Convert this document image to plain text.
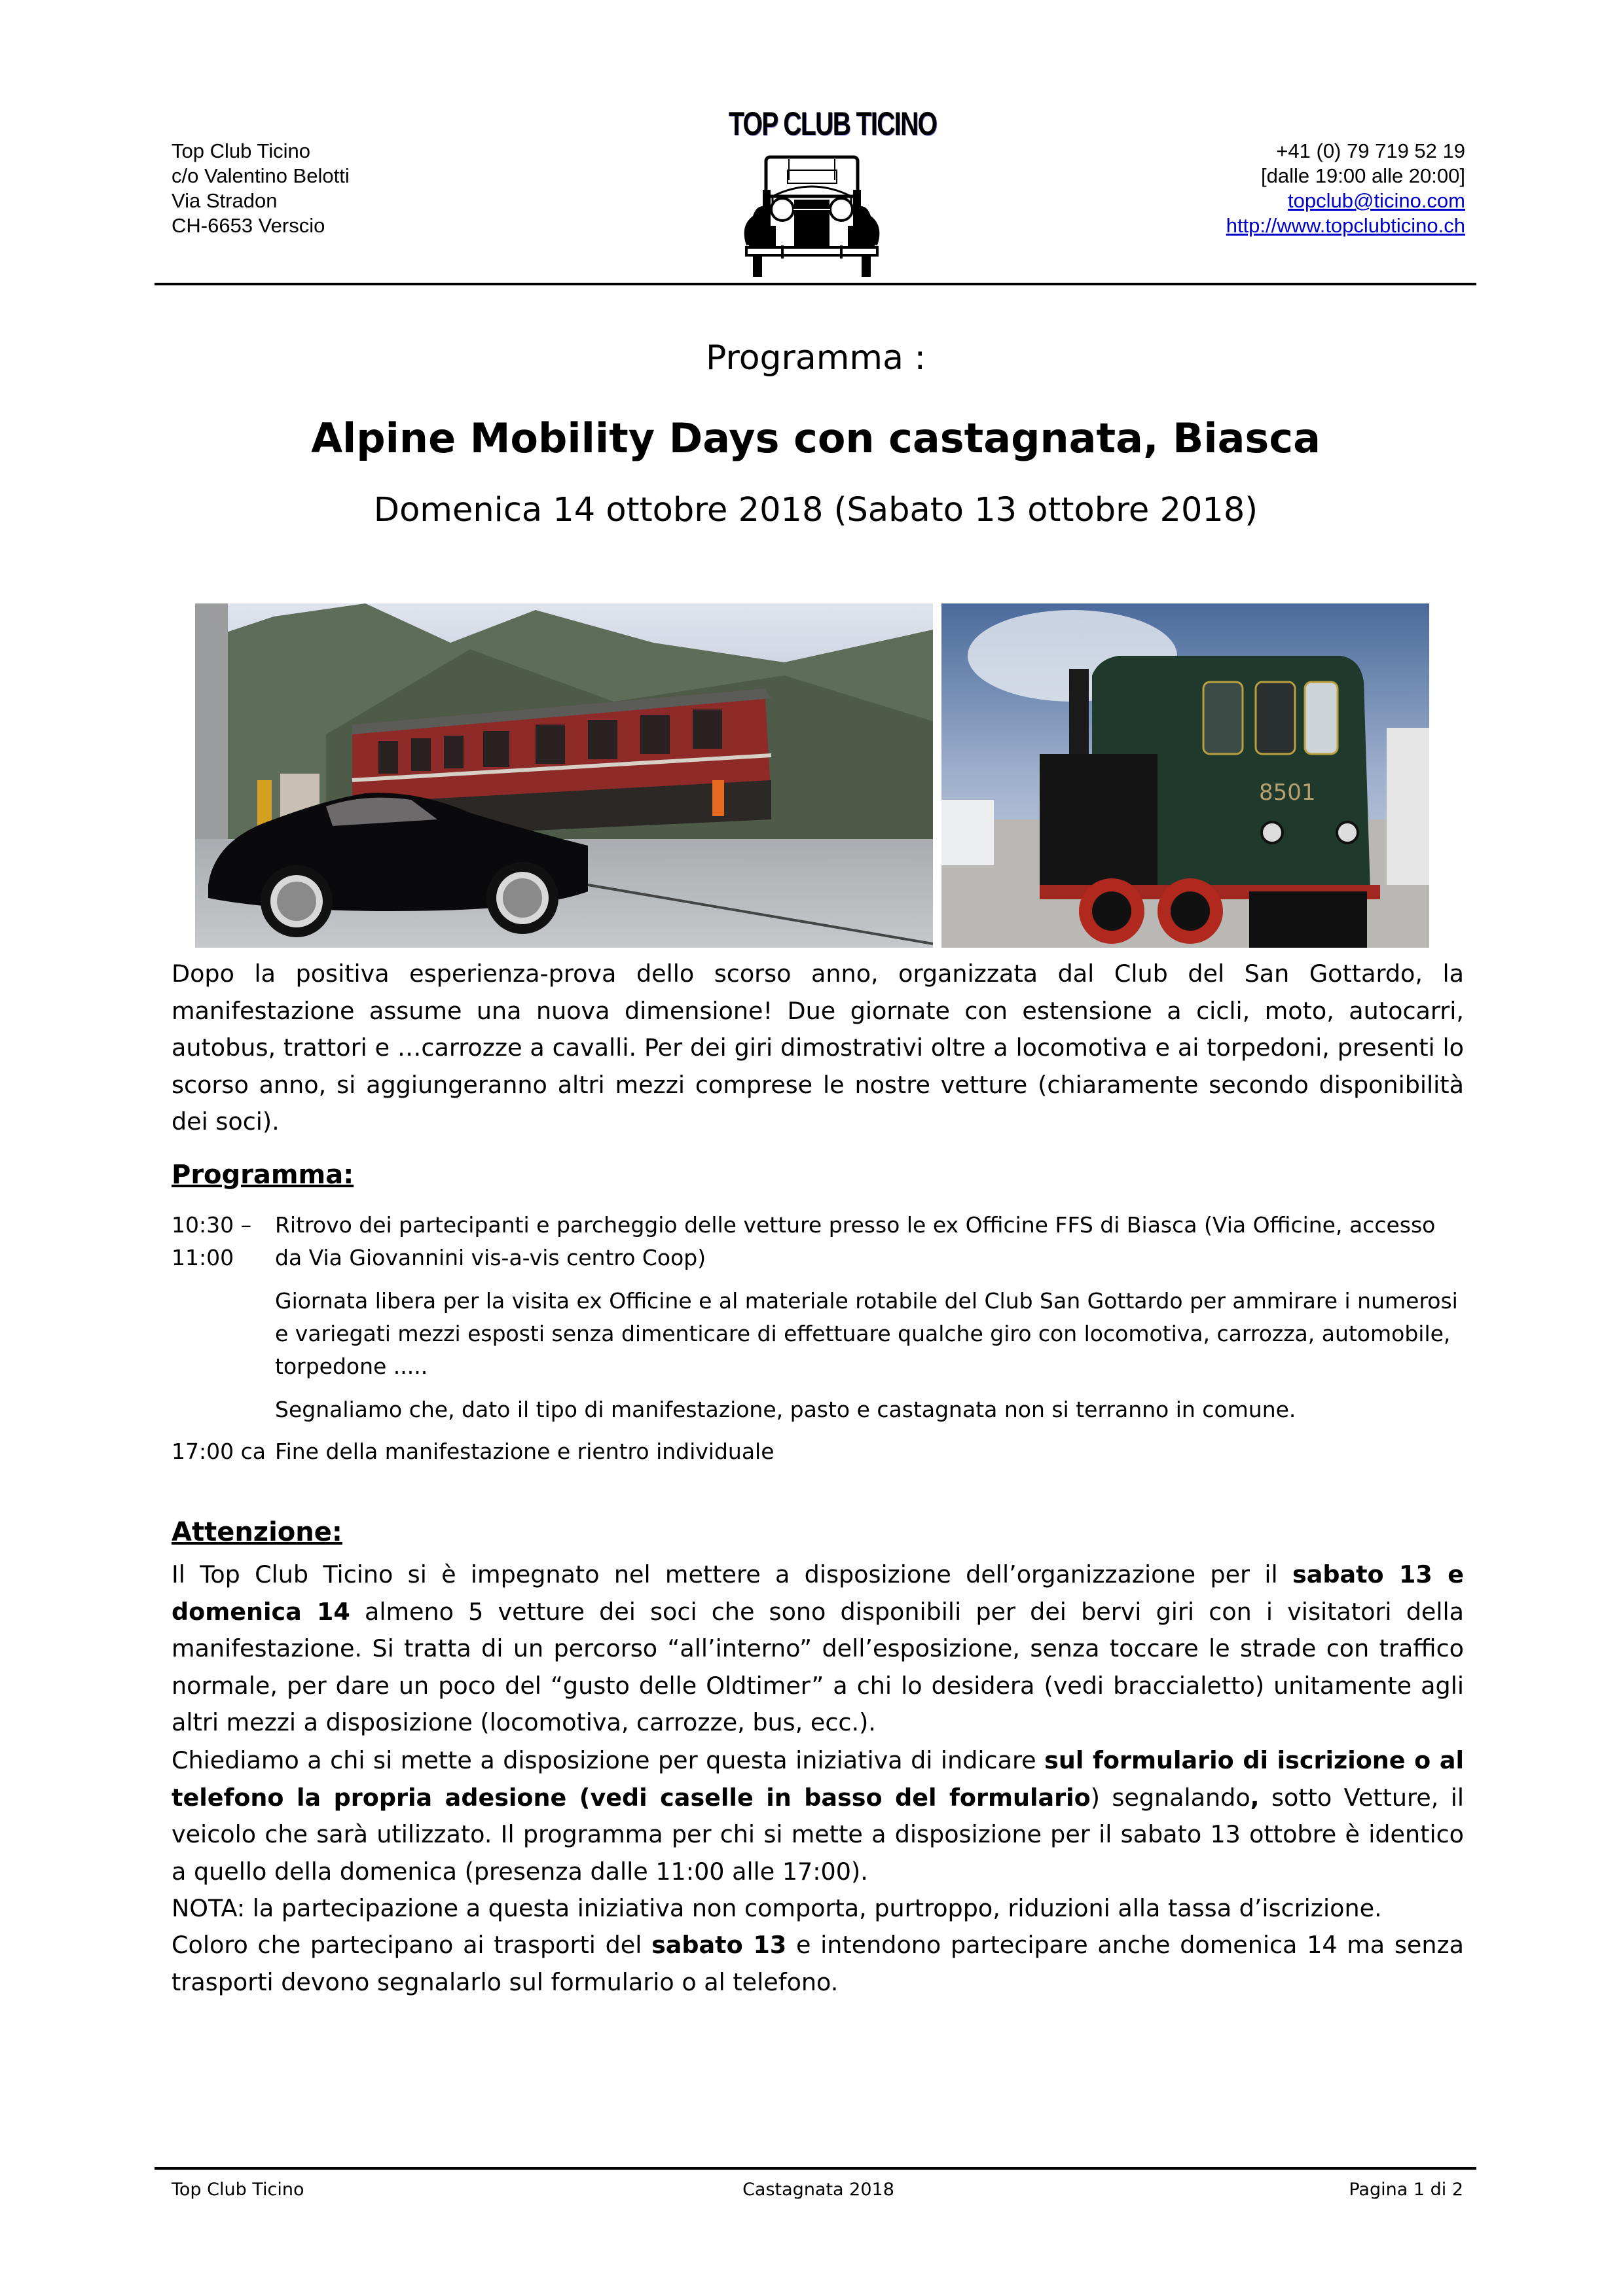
Top Club Ticino
c/o Valentino Belotti
Via Stradon
CH-6653 Verscio
TOP CLUB TICINO
+41 (0) 79 719 52 19
[dalle 19:00 alle 20:00]
topclub@ticino.com
http://www.topclubticino.ch
Programma :
Alpine Mobility Days con castagnata, Biasca
Domenica 14 ottobre 2018 (Sabato 13 ottobre 2018)
8501
Dopo la positiva esperienza-prova dello scorso anno, organizzata dal Club del San Gottardo, la manifestazione assume una nuova dimensione! Due giornate con estensione a cicli, moto, autocarri, autobus, trattori e …carrozze a cavalli. Per dei giri dimostrativi oltre a locomotiva e ai torpedoni, presenti lo scorso anno, si aggiungeranno altri mezzi comprese le nostre vetture (chiaramente secondo disponibilità dei soci).
Programma:
10:30 –
11:00
Ritrovo dei partecipanti e parcheggio delle vetture presso le ex Officine FFS di Biasca (Via Officine, accesso da Via Giovannini vis-a-vis centro Coop)
Giornata libera per la visita ex Officine e al materiale rotabile del Club San Gottardo per ammirare i numerosi e variegati mezzi esposti senza dimenticare di effettuare qualche giro con locomotiva, carrozza, automobile, torpedone .....
Segnaliamo che, dato il tipo di manifestazione, pasto e castagnata non si terranno in comune.
17:00 ca Fine della manifestazione e rientro individuale
Attenzione:
Il Top Club Ticino si è impegnato nel mettere a disposizione dell’organizzazione per il sabato 13 e domenica 14 almeno 5 vetture dei soci che sono disponibili per dei bervi giri con i visitatori della manifestazione. Si tratta di un percorso “all’interno” dell’esposizione, senza toccare le strade con traffico normale, per dare un poco del “gusto delle Oldtimer” a chi lo desidera (vedi braccialetto) unitamente agli altri mezzi a disposizione (locomotiva, carrozze, bus, ecc.).
Chiediamo a chi si mette a disposizione per questa iniziativa di indicare sul formulario di iscrizione o al telefono la propria adesione (vedi caselle in basso del formulario) segnalando, sotto Vetture, il veicolo che sarà utilizzato. Il programma per chi si mette a disposizione per il sabato 13 ottobre è identico a quello della domenica (presenza dalle 11:00 alle 17:00).
NOTA: la partecipazione a questa iniziativa non comporta, purtroppo, riduzioni alla tassa d’iscrizione.
Coloro che partecipano ai trasporti del sabato 13 e intendono partecipare anche domenica 14 ma senza trasporti devono segnalarlo sul formulario o al telefono.
Top Club Ticino	Castagnata 2018	Pagina 1 di 2
